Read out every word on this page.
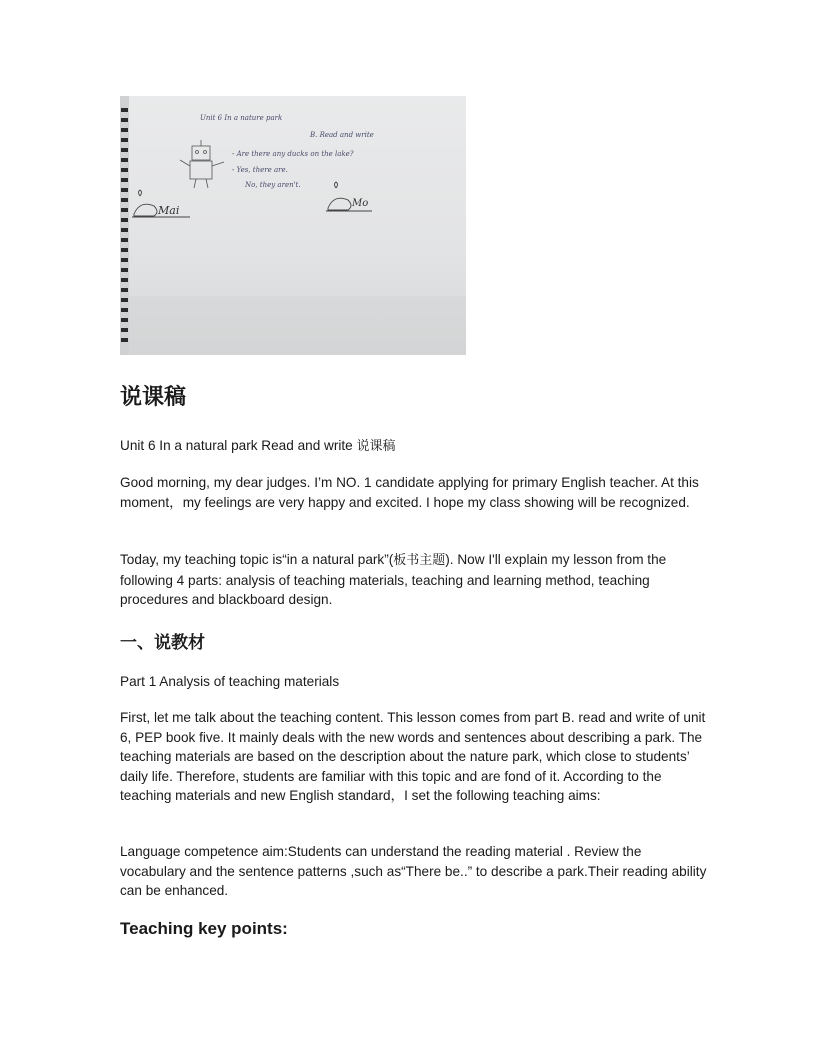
Unit 6 In a nature park
B. Read and write
- Are there any ducks on the lake?
- Yes, there are.
No, they aren't.
Mai
Mo
说课稿

Unit 6 In a natural park Read and write 说课稿

Good morning, my dear judges. I’m NO. 1 candidate applying for primary English teacher. At this moment，my feelings are very happy and excited. I hope my class showing will be recognized.

Today, my teaching topic is“in a natural park”(板书主题). Now I'll explain my lesson from the following 4 parts: analysis of teaching materials, teaching and learning method, teaching procedures and blackboard design.

一、说教材

Part 1 Analysis of teaching materials

First, let me talk about the teaching content. This lesson comes from part B. read and write of unit 6, PEP book five. It mainly deals with the new words and sentences about describing a park. The teaching materials are based on the description about the nature park, which close to students’ daily life. Therefore, students are familiar with this topic and are fond of it. According to the teaching materials and new English standard，I set the following teaching aims:

Language competence aim:Students can understand the reading material . Review the vocabulary and the sentence patterns ,such as“There be..” to describe a park.Their reading ability can be enhanced.

Teaching key points:
